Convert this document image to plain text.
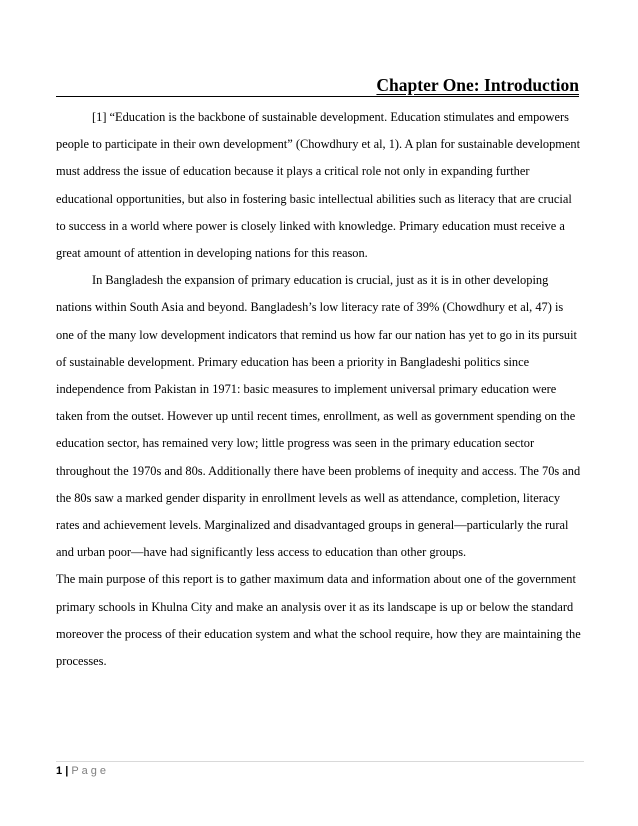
Chapter One: Introduction

[1] “Education is the backbone of sustainable development. Education stimulates and empowers people to participate in their own development” (Chowdhury et al, 1). A plan for sustainable development must address the issue of education because it plays a critical role not only in expanding further educational opportunities, but also in fostering basic intellectual abilities such as literacy that are crucial to success in a world where power is closely linked with knowledge. Primary education must receive a great amount of attention in developing nations for this reason.

In Bangladesh the expansion of primary education is crucial, just as it is in other developing nations within South Asia and beyond. Bangladesh’s low literacy rate of 39% (Chowdhury et al, 47) is one of the many low development indicators that remind us how far our nation has yet to go in its pursuit of sustainable development. Primary education has been a priority in Bangladeshi politics since independence from Pakistan in 1971: basic measures to implement universal primary education were taken from the outset. However up until recent times, enrollment, as well as government spending on the education sector, has remained very low; little progress was seen in the primary education sector throughout the 1970s and 80s. Additionally there have been problems of inequity and access. The 70s and the 80s saw a marked gender disparity in enrollment levels as well as attendance, completion, literacy rates and achievement levels. Marginalized and disadvantaged groups in general—particularly the rural and urban poor—have had significantly less access to education than other groups.

The main purpose of this report is to gather maximum data and information about one of the government primary schools in Khulna City and make an analysis over it as its landscape is up or below the standard moreover the process of their education system and what the school require, how they are maintaining the processes.

1 | Page
